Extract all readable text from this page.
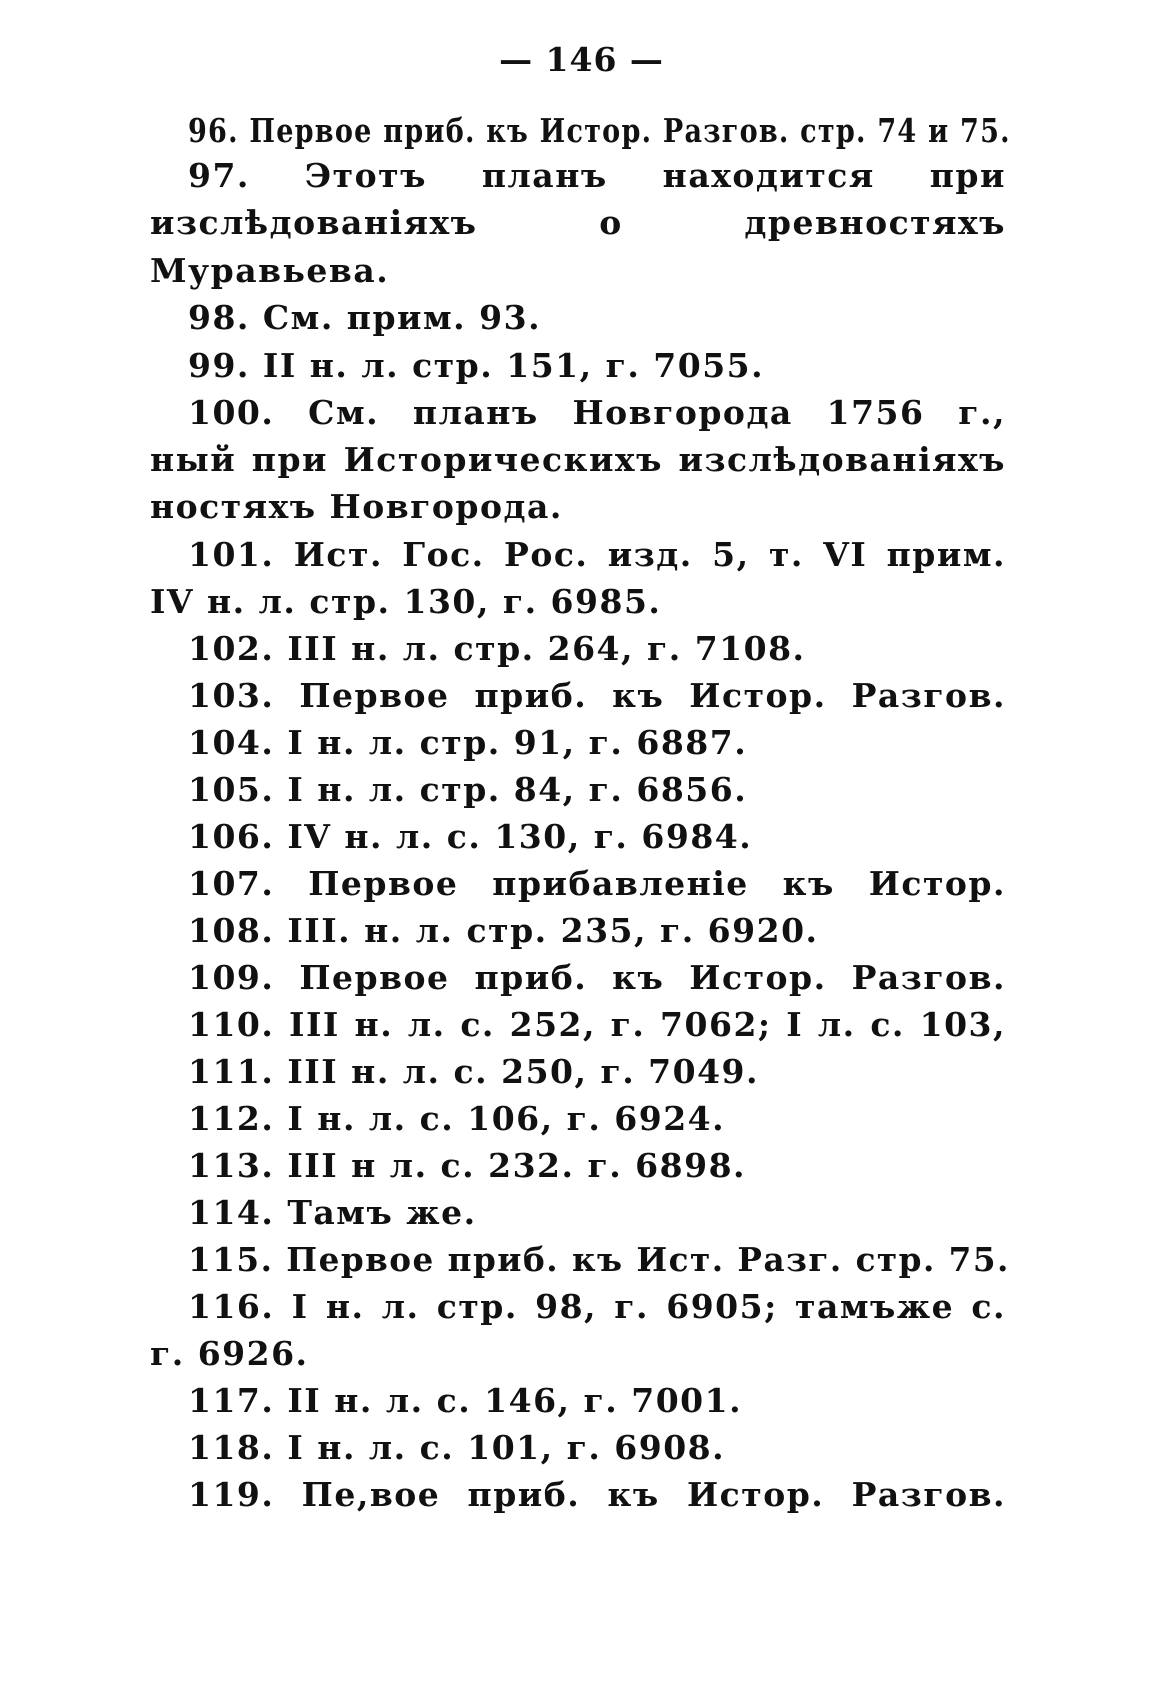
— 146 —
96. Первое приб. къ Истор. Разгов. стр. 74 и 75.
97. Этотъ планъ находится при
изслѣдованiяхъ о древностяхъ
Муравьева.
98. См. прим. 93.
99. II н. л. стр. 151, г. 7055.
100. См. планъ Новгорода 1756 г.,
ный при Историческихъ изслѣдованiяхъ
ностяхъ Новгорода.
101. Ист. Гос. Рос. изд. 5, т. VI прим.
IV н. л. стр. 130, г. 6985.
102. III н. л. стр. 264, г. 7108.
103. Первое приб. къ Истор. Разгов.
104. I н. л. стр. 91, г. 6887.
105. I н. л. стр. 84, г. 6856.
106. IV н. л. с. 130, г. 6984.
107. Первое прибавленiе къ Истор.
108. III. н. л. стр. 235, г. 6920.
109. Первое приб. къ Истор. Разгов.
110. III н. л. с. 252, г. 7062; I л. с. 103,
111. III н. л. с. 250, г. 7049.
112. I н. л. с. 106, г. 6924.
113. III н л. с. 232. г. 6898.
114. Тамъ же.
115. Первое приб. къ Ист. Разг. стр. 75.
116. I н. л. стр. 98, г. 6905; тамъже с.
г. 6926.
117. II н. л. с. 146, г. 7001.
118. I н. л. с. 101, г. 6908.
119. Пе,вое приб. къ Истор. Разгов.
